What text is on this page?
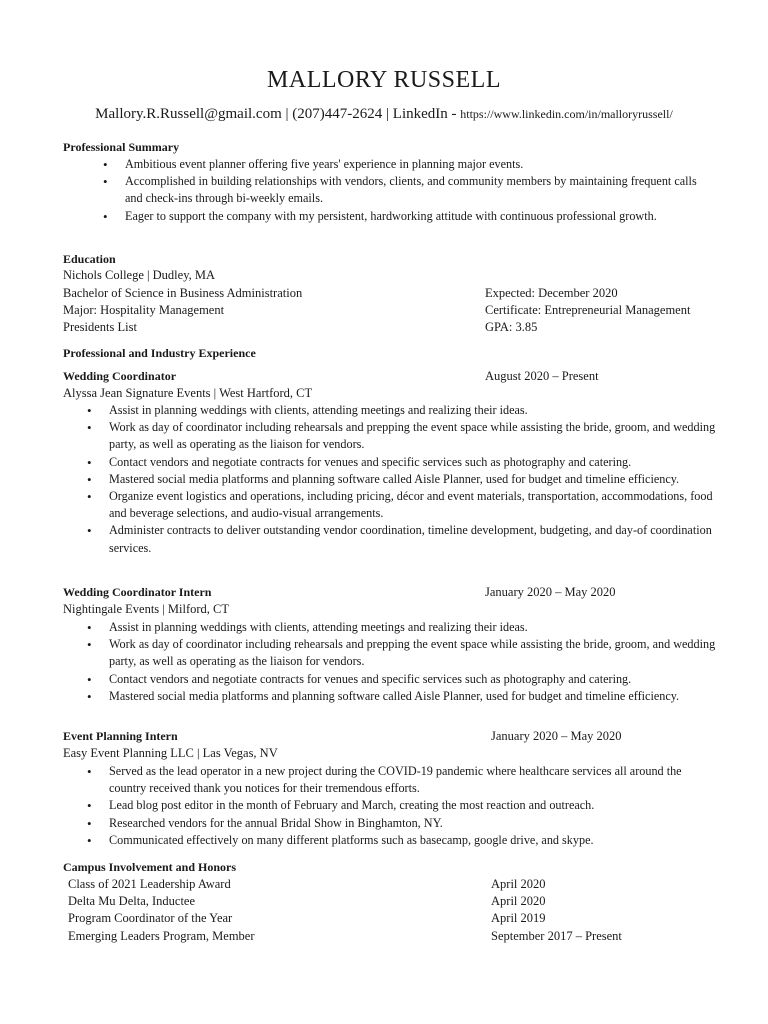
MALLORY RUSSELL
Mallory.R.Russell@gmail.com | (207)447-2624 | LinkedIn - https://www.linkedin.com/in/malloryrussell/
Professional Summary
• Ambitious event planner offering five years' experience in planning major events.
• Accomplished in building relationships with vendors, clients, and community members by maintaining frequent calls and check-ins through bi-weekly emails.
• Eager to support the company with my persistent, hardworking attitude with continuous professional growth.
Education
Nichols College | Dudley, MA
Bachelor of Science in Business Administration	Expected: December 2020
Major: Hospitality Management	Certificate: Entrepreneurial Management
Presidents List	GPA: 3.85
Professional and Industry Experience
Wedding Coordinator	August 2020 – Present
Alyssa Jean Signature Events | West Hartford, CT
• Assist in planning weddings with clients, attending meetings and realizing their ideas.
• Work as day of coordinator including rehearsals and prepping the event space while assisting the bride, groom, and wedding party, as well as operating as the liaison for vendors.
• Contact vendors and negotiate contracts for venues and specific services such as photography and catering.
• Mastered social media platforms and planning software called Aisle Planner, used for budget and timeline efficiency.
• Organize event logistics and operations, including pricing, décor and event materials, transportation, accommodations, food and beverage selections, and audio-visual arrangements.
• Administer contracts to deliver outstanding vendor coordination, timeline development, budgeting, and day-of coordination services.
Wedding Coordinator Intern	January 2020 – May 2020
Nightingale Events | Milford, CT
• Assist in planning weddings with clients, attending meetings and realizing their ideas.
• Work as day of coordinator including rehearsals and prepping the event space while assisting the bride, groom, and wedding party, as well as operating as the liaison for vendors.
• Contact vendors and negotiate contracts for venues and specific services such as photography and catering.
• Mastered social media platforms and planning software called Aisle Planner, used for budget and timeline efficiency.
Event Planning Intern	January 2020 – May 2020
Easy Event Planning LLC | Las Vegas, NV
• Served as the lead operator in a new project during the COVID-19 pandemic where healthcare services all around the country received thank you notices for their tremendous efforts.
• Lead blog post editor in the month of February and March, creating the most reaction and outreach.
• Researched vendors for the annual Bridal Show in Binghamton, NY.
• Communicated effectively on many different platforms such as basecamp, google drive, and skype.
Campus Involvement and Honors
Class of 2021 Leadership Award	April 2020
Delta Mu Delta, Inductee	April 2020
Program Coordinator of the Year	April 2019
Emerging Leaders Program, Member	September 2017 – Present
